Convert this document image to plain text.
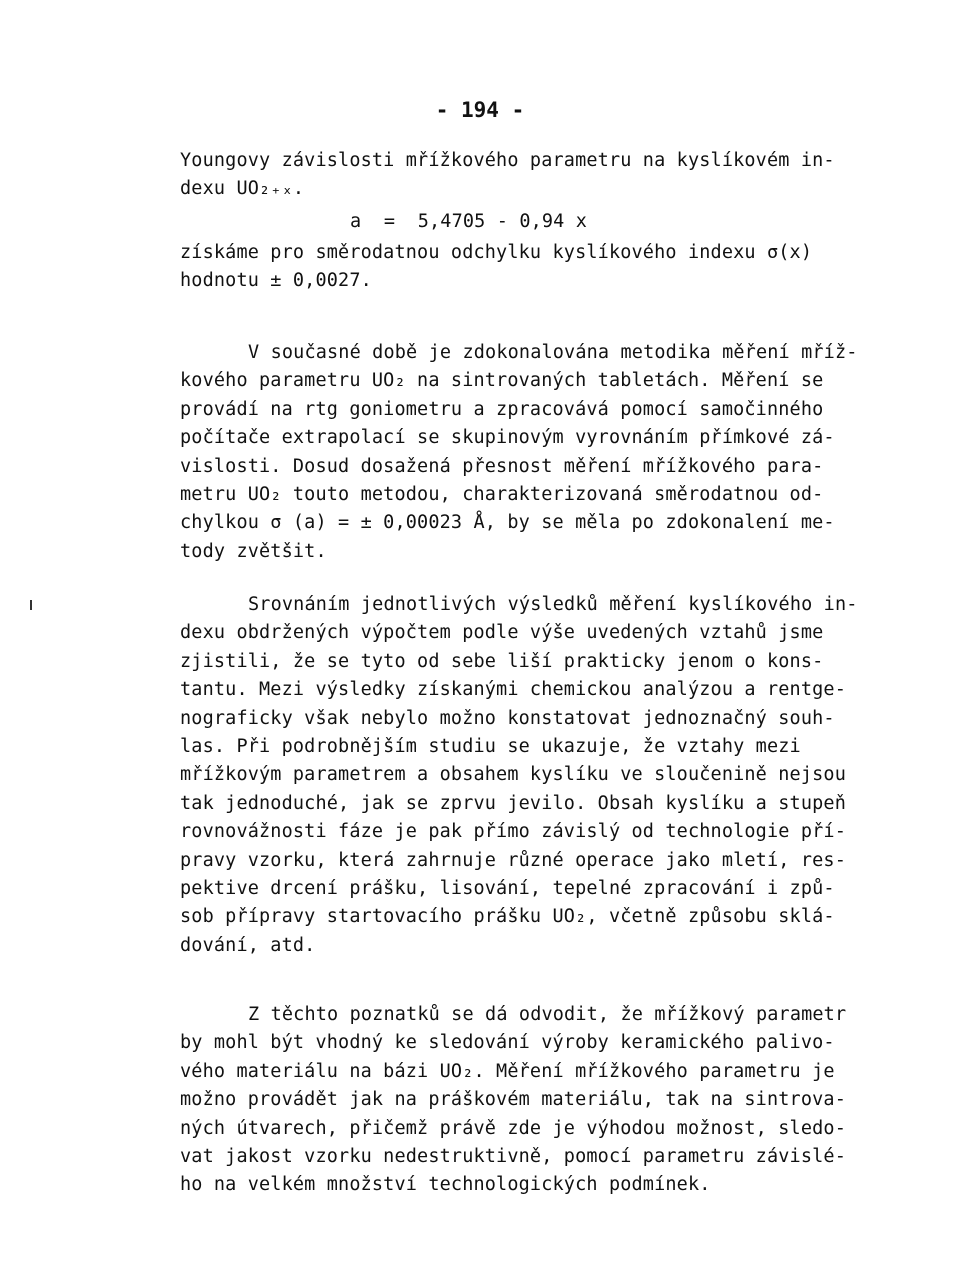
- 194 -
Youngovy závislosti mřížkového parametru na kyslíkovém in-
dexu UO₂₊ₓ.
a  =  5,4705 - 0,94 x
získáme pro směrodatnou odchylku kyslíkového indexu σ(x)
hodnotu ± 0,0027.
V současné době je zdokonalována metodika měření mříž-
kového parametru UO₂ na sintrovaných tabletách. Měření se
provádí na rtg goniometru a zpracovává pomocí samočinného
počítače extrapolací se skupinovým vyrovnáním přímkové zá-
vislosti. Dosud dosažená přesnost měření mřížkového para-
metru UO₂ touto metodou, charakterizovaná směrodatnou od-
chylkou σ (a) = ± 0,00023 Å, by se měla po zdokonalení me-
tody zvětšit.
Srovnáním jednotlivých výsledků měření kyslíkového in-
dexu obdržených výpočtem podle výše uvedených vztahů jsme
zjistili, že se tyto od sebe liší prakticky jenom o kons-
tantu. Mezi výsledky získanými chemickou analýzou a rentge-
nograficky však nebylo možno konstatovat jednoznačný souh-
las. Při podrobnějším studiu se ukazuje, že vztahy mezi
mřížkovým parametrem a obsahem kyslíku ve sloučenině nejsou
tak jednoduché, jak se zprvu jevilo. Obsah kyslíku a stupeň
rovnovážnosti fáze je pak přímo závislý od technologie pří-
pravy vzorku, která zahrnuje různé operace jako mletí, res-
pektive drcení prášku, lisování, tepelné zpracování i způ-
sob přípravy startovacího prášku UO₂, včetně způsobu sklá-
dování, atd.
Z těchto poznatků se dá odvodit, že mřížkový parametr
by mohl být vhodný ke sledování výroby keramického palivo-
vého materiálu na bázi UO₂. Měření mřížkového parametru je
možno provádět jak na práškovém materiálu, tak na sintrova-
ných útvarech, přičemž právě zde je výhodou možnost, sledo-
vat jakost vzorku nedestruktivně, pomocí parametru závislé-
ho na velkém množství technologických podmínek.
